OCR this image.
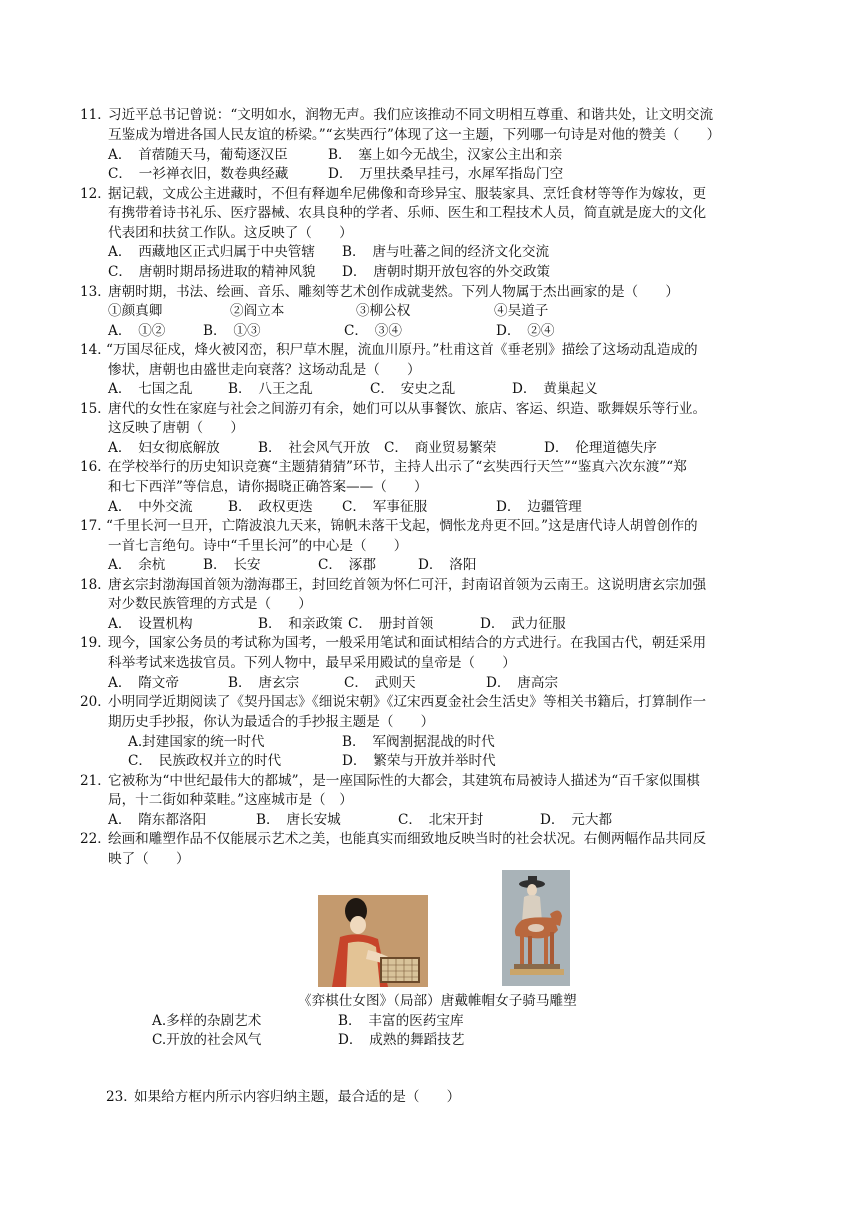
11．
习近平总书记曾说：“文明如水，润物无声。我们应该推动不同文明相互尊重、和谐共处，让文明交流
互鉴成为增进各国人民友谊的桥梁。”“玄奘西行”体现了这一主题，下列哪一句诗是对他的赞美（　　）
A．　首蓿随天马，葡萄逐汉臣	B．　塞上如今无战尘，汉家公主出和亲
C．　一衫禅衣旧，数卷典经藏	D．　万里扶桑早挂弓，水犀军指岛门空
12．
据记载，文成公主进藏时，不但有释迦牟尼佛像和奇珍异宝、服装家具、烹饪食材等等作为嫁妆，更
有携带着诗书礼乐、医疗器械、农具良种的学者、乐师、医生和工程技术人员，简直就是庞大的文化
代表团和扶贫工作队。这反映了（　　）
A．　西藏地区正式归属于中央管辖 B．　唐与吐蕃之间的经济文化交流
C．　唐朝时期昂扬进取的精神风貌 D．　唐朝时期开放包容的外交政策
13．
唐朝时期，书法、绘画、音乐、雕刻等艺术创作成就斐然。下列人物属于杰出画家的是（　　）
①颜真卿	②阎立本	③柳公权	④吴道子
A．　①②	B．　①③	C．　③④	D．　②④
14．
“万国尽征戍，烽火被冈峦，积尸草木腥，流血川原丹。”杜甫这首《垂老别》描绘了这场动乱造成的
惨状，唐朝也由盛世走向衰落？这场动乱是（　　）
A．　七国之乱	B．　八王之乱	C．　安史之乱	D．　黄巢起义
15．
唐代的女性在家庭与社会之间游刃有余，她们可以从事餐饮、旅店、客运、织造、歌舞娱乐等行业。
这反映了唐朝（　　）
A．　妇女彻底解放	B．　社会风气开放 C．　商业贸易繁荣	D．　伦理道德失序
16．
在学校举行的历史知识竞赛“主题猜猜猜”环节，主持人出示了“玄奘西行天竺”“鉴真六次东渡”“郑
和七下西洋”等信息，请你揭晓正确答案——（　　）
A．　中外交流	B．　政权更迭 C．　军事征服	D．　边疆管理
17．
“千里长河一旦开，亡隋波浪九天来，锦帆未落干戈起，惆怅龙舟更不回。”这是唐代诗人胡曾创作的
一首七言绝句。诗中“千里长河”的中心是（　　）
A．　余杭	B．　长安	C．　涿郡	D．　洛阳
18．
唐玄宗封渤海国首领为渤海郡王，封回纥首领为怀仁可汗，封南诏首领为云南王。这说明唐玄宗加强
对少数民族管理的方式是（　　）
A．　设置机构	B．　和亲政策 C．　册封首领	D．　武力征服
19．
现今，国家公务员的考试称为国考，一般采用笔试和面试相结合的方式进行。在我国古代，朝廷采用
科举考试来选拔官员。下列人物中，最早采用殿试的皇帝是（　　）
A．　隋文帝	B．　唐玄宗	C．　武则天	D．　唐高宗
20．
小明同学近期阅读了《契丹国志》《细说宋朝》《辽宋西夏金社会生活史》等相关书籍后，打算制作一
期历史手抄报，你认为最适合的手抄报主题是（　　）
A.封建国家的统一时代	B．　军阀割据混战的时代
C．　民族政权并立的时代	D．　繁荣与开放并举时代
21．
它被称为“中世纪最伟大的都城”，是一座国际性的大都会，其建筑布局被诗人描述为“百千家似围棋
局，十二街如种菜畦。”这座城市是（　）
A．　隋东都洛阳	B．　唐长安城	C．　北宋开封	D．　元大都
22．
绘画和雕塑作品不仅能展示艺术之美，也能真实而细致地反映当时的社会状况。右侧两幅作品共同反
映了（　　）
《弈棋仕女图》（局部）唐戴帷帽女子骑马雕塑
A.多样的杂剧艺术	B．　丰富的医药宝库
C.开放的社会风气	D．　成熟的舞蹈技艺
23．
如果给方框内所示内容归纳主题，最合适的是（　　）
